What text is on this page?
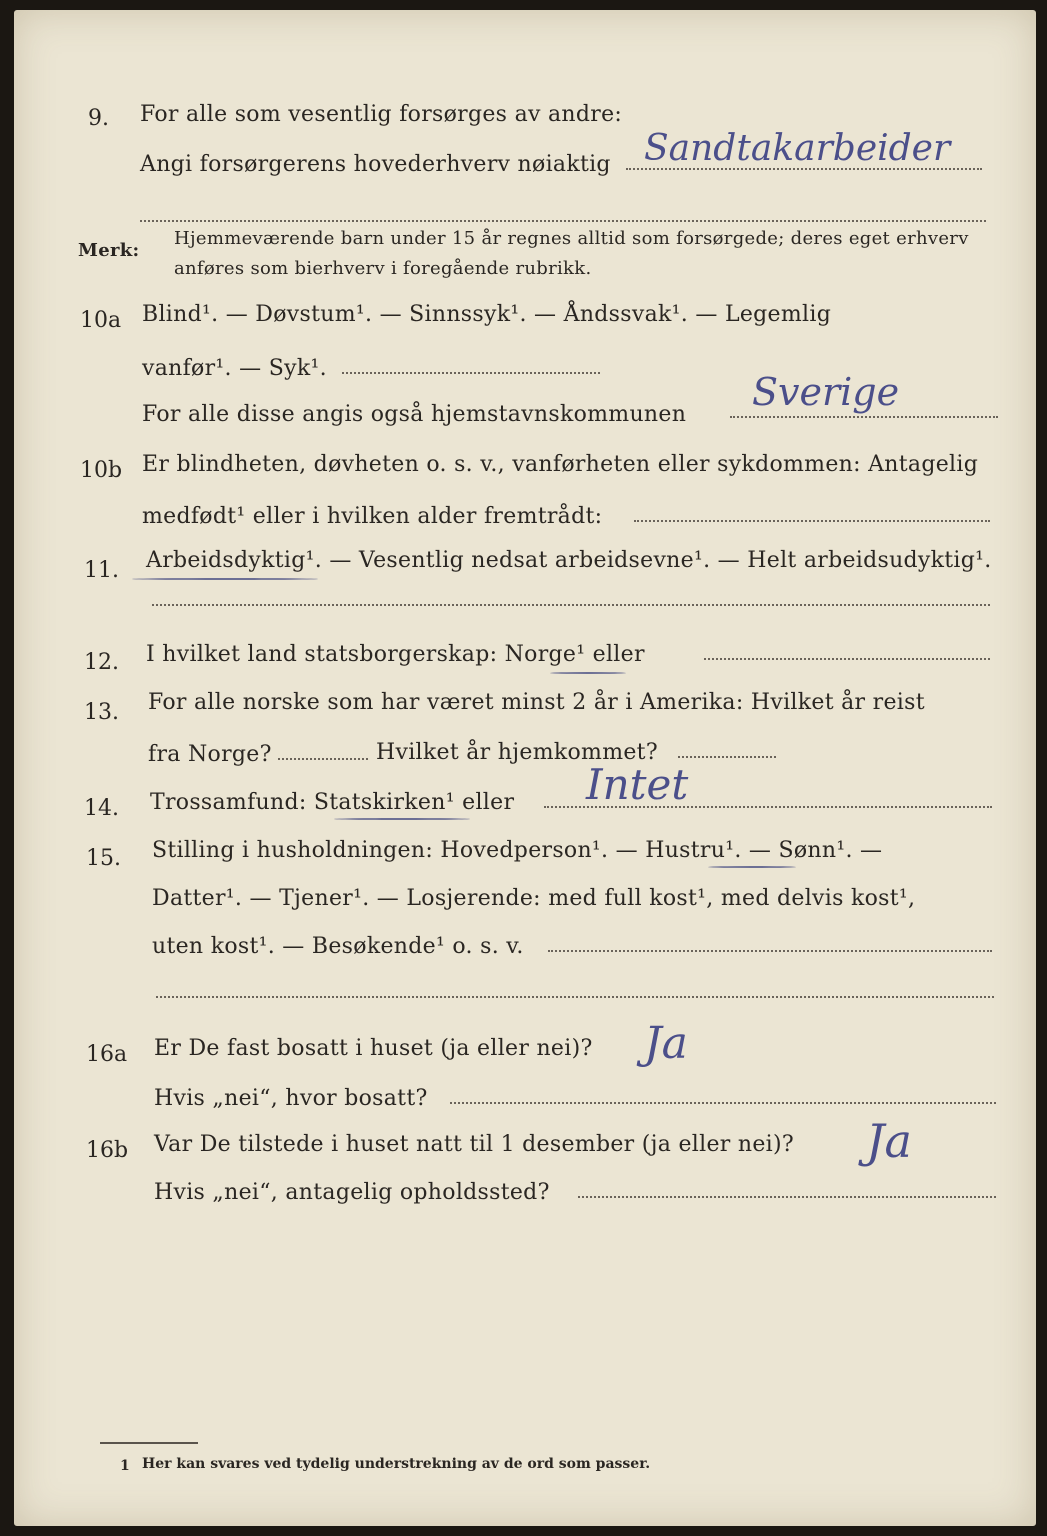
9. For alle som vesentlig forsørges av andre:
Angi forsørgerens hovederhverv nøiaktig Sandtakarbeider
Merk:
Hjemmeværende barn under 15 år regnes alltid som forsørgede; deres eget erhverv
anføres som bierhverv i foregående rubrikk.
10a Blind¹. — Døvstum¹. — Sinnssyk¹. — Åndssvak¹. — Legemlig
vanfør¹. — Syk¹.
For alle disse angis også hjemstavnskommunen
Sverige
10b Er blindheten, døvheten o. s. v., vanførheten eller sykdommen: Antagelig
medfødt¹ eller i hvilken alder fremtrådt:
11. Arbeidsdyktig¹. — Vesentlig nedsat arbeidsevne¹. — Helt arbeidsudyktig¹.
12. I hvilket land statsborgerskap: Norge¹ eller
13. For alle norske som har været minst 2 år i Amerika: Hvilket år reist
fra Norge?	Hvilket år hjemkommet?
14. Trossamfund: Statskirken¹ eller Intet
15. Stilling i husholdningen: Hovedperson¹. — Hustru¹. — Sønn¹. —
Datter¹. — Tjener¹. — Losjerende: med full kost¹, med delvis kost¹,
uten kost¹. — Besøkende¹ o. s. v.
16a Er De fast bosatt i huset (ja eller nei)? Ja
Hvis „nei“, hvor bosatt?
16b Var De tilstede i huset natt til 1 desember (ja eller nei)? Ja
Hvis „nei“, antagelig opholdssted?
1 Her kan svares ved tydelig understrekning av de ord som passer.
